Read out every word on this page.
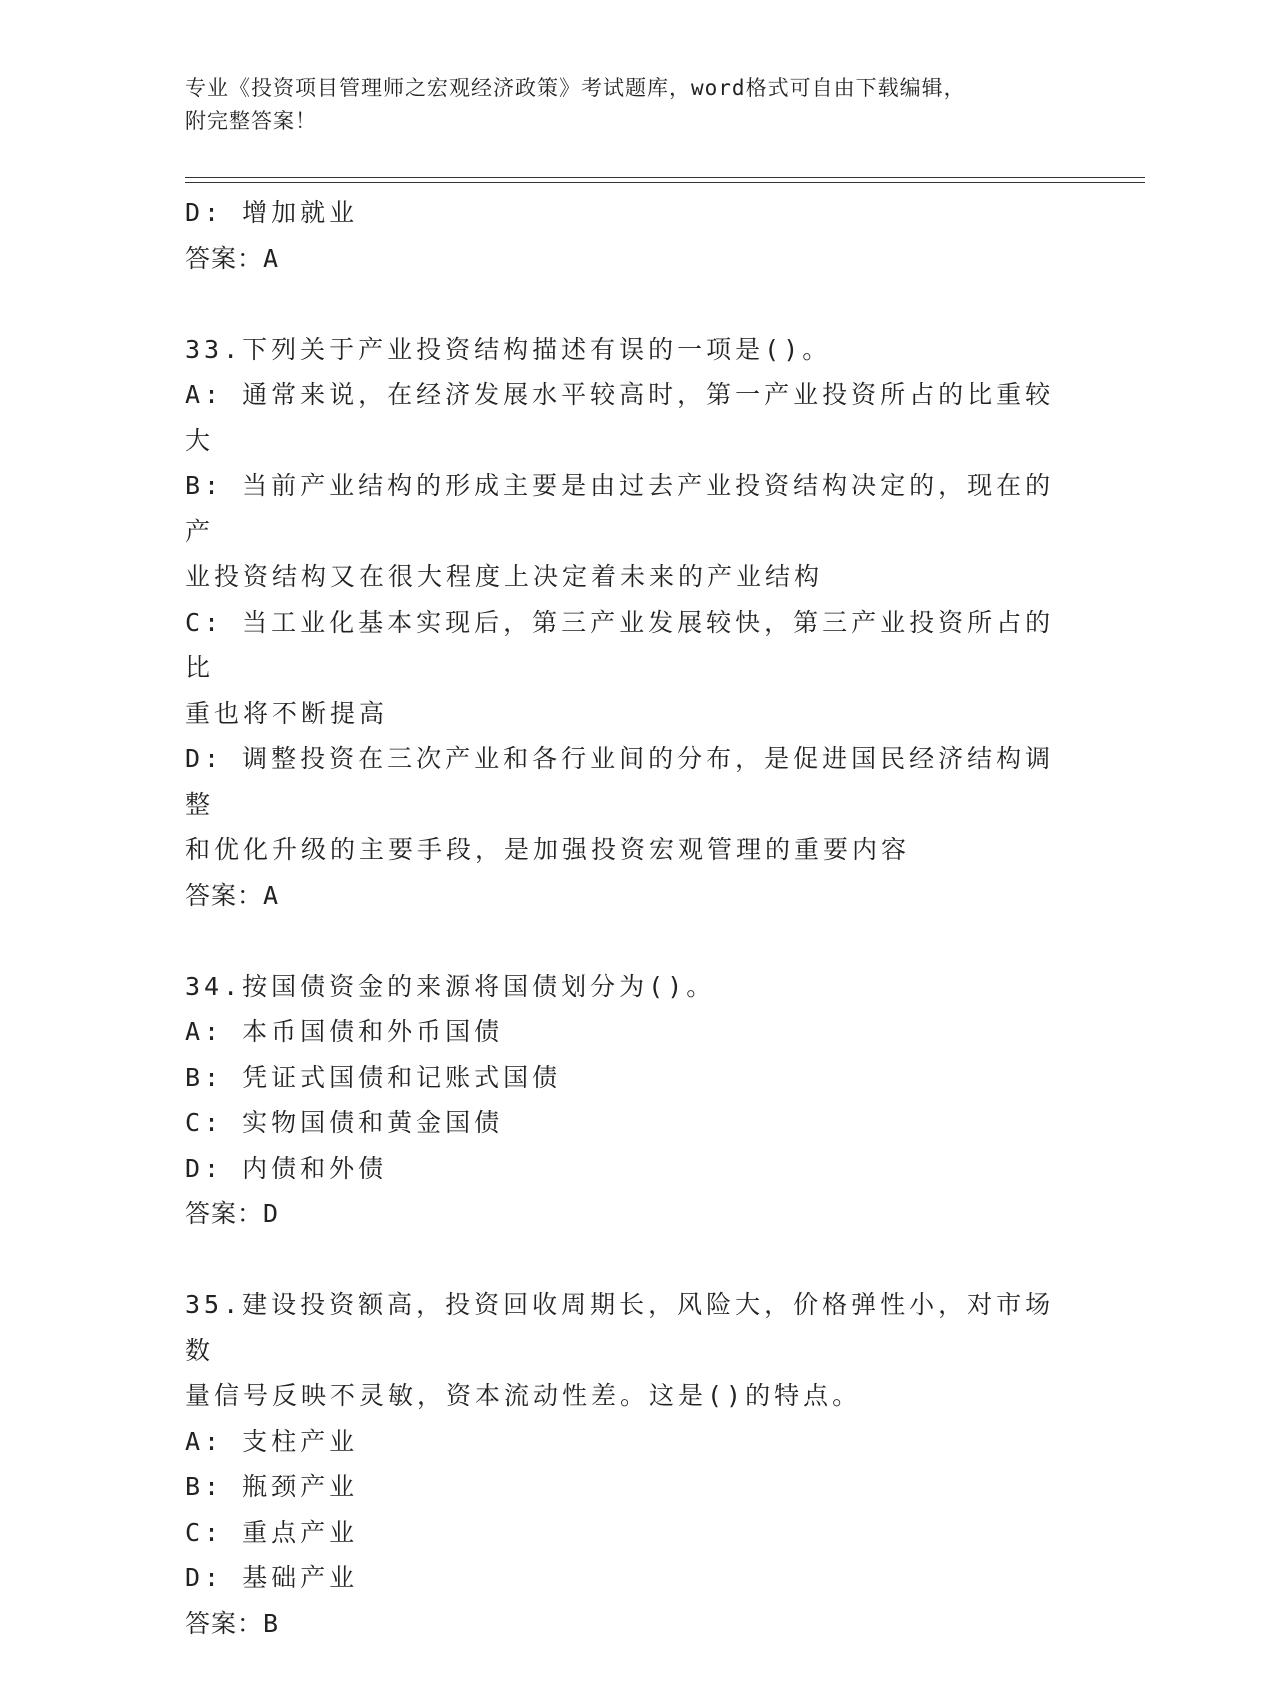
专业《投资项目管理师之宏观经济政策》考试题库，word格式可自由下载编辑，
附完整答案！
D: 增加就业
答案：A
33.下列关于产业投资结构描述有误的一项是()。
A: 通常来说，在经济发展水平较高时，第一产业投资所占的比重较大
B: 当前产业结构的形成主要是由过去产业投资结构决定的，现在的产
业投资结构又在很大程度上决定着未来的产业结构
C: 当工业化基本实现后，第三产业发展较快，第三产业投资所占的比
重也将不断提高
D: 调整投资在三次产业和各行业间的分布，是促进国民经济结构调整
和优化升级的主要手段，是加强投资宏观管理的重要内容
答案：A
34.按国债资金的来源将国债划分为()。
A: 本币国债和外币国债
B: 凭证式国债和记账式国债
C: 实物国债和黄金国债
D: 内债和外债
答案：D
35.建设投资额高，投资回收周期长，风险大，价格弹性小，对市场数
量信号反映不灵敏，资本流动性差。这是()的特点。
A: 支柱产业
B: 瓶颈产业
C: 重点产业
D: 基础产业
答案：B
